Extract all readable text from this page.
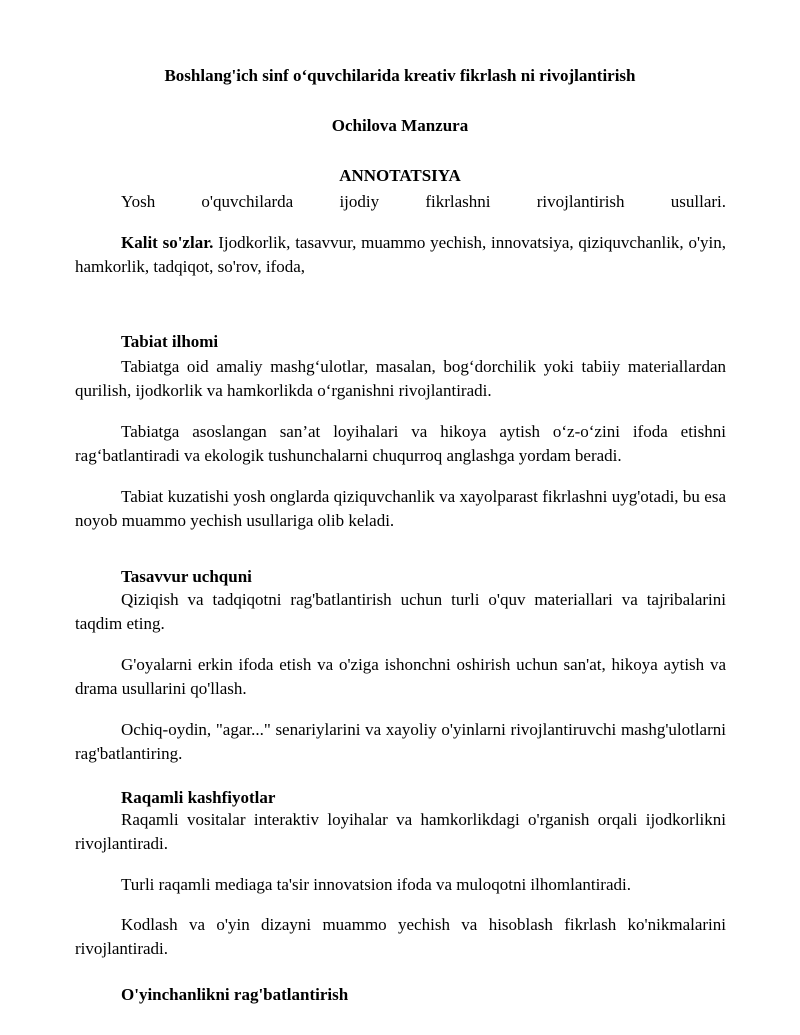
Boshlang'ich sinf o‘quvchilarida kreativ fikrlash ni rivojlantirish
Ochilova Manzura
ANNOTATSIYA
Yosh o'quvchilarda ijodiy fikrlashni rivojlantirish usullari.
Kalit so'zlar. Ijodkorlik, tasavvur, muammo yechish, innovatsiya, qiziquvchanlik, o'yin, hamkorlik, tadqiqot, so'rov, ifoda,
Tabiat ilhomi
Tabiatga oid amaliy mashg‘ulotlar, masalan, bog‘dorchilik yoki tabiiy materiallardan qurilish, ijodkorlik va hamkorlikda o‘rganishni rivojlantiradi.
Tabiatga asoslangan san’at loyihalari va hikoya aytish o‘z-o‘zini ifoda etishni rag‘batlantiradi va ekologik tushunchalarni chuqurroq anglashga yordam beradi.
Tabiat kuzatishi yosh onglarda qiziquvchanlik va xayolparast fikrlashni uyg'otadi, bu esa noyob muammo yechish usullariga olib keladi.
Tasavvur uchquni
Qiziqish va tadqiqotni rag'batlantirish uchun turli o'quv materiallari va tajribalarini taqdim eting.
G'oyalarni erkin ifoda etish va o'ziga ishonchni oshirish uchun san'at, hikoya aytish va drama usullarini qo'llash.
Ochiq-oydin, "agar..." senariylarini va xayoliy o'yinlarni rivojlantiruvchi mashg'ulotlarni rag'batlantiring.
Raqamli kashfiyotlar
Raqamli vositalar interaktiv loyihalar va hamkorlikdagi o'rganish orqali ijodkorlikni rivojlantiradi.
Turli raqamli mediaga ta'sir innovatsion ifoda va muloqotni ilhomlantiradi.
Kodlash va o'yin dizayni muammo yechish va hisoblash fikrlash ko'nikmalarini rivojlantiradi.
O'yinchanlikni rag'batlantirish
